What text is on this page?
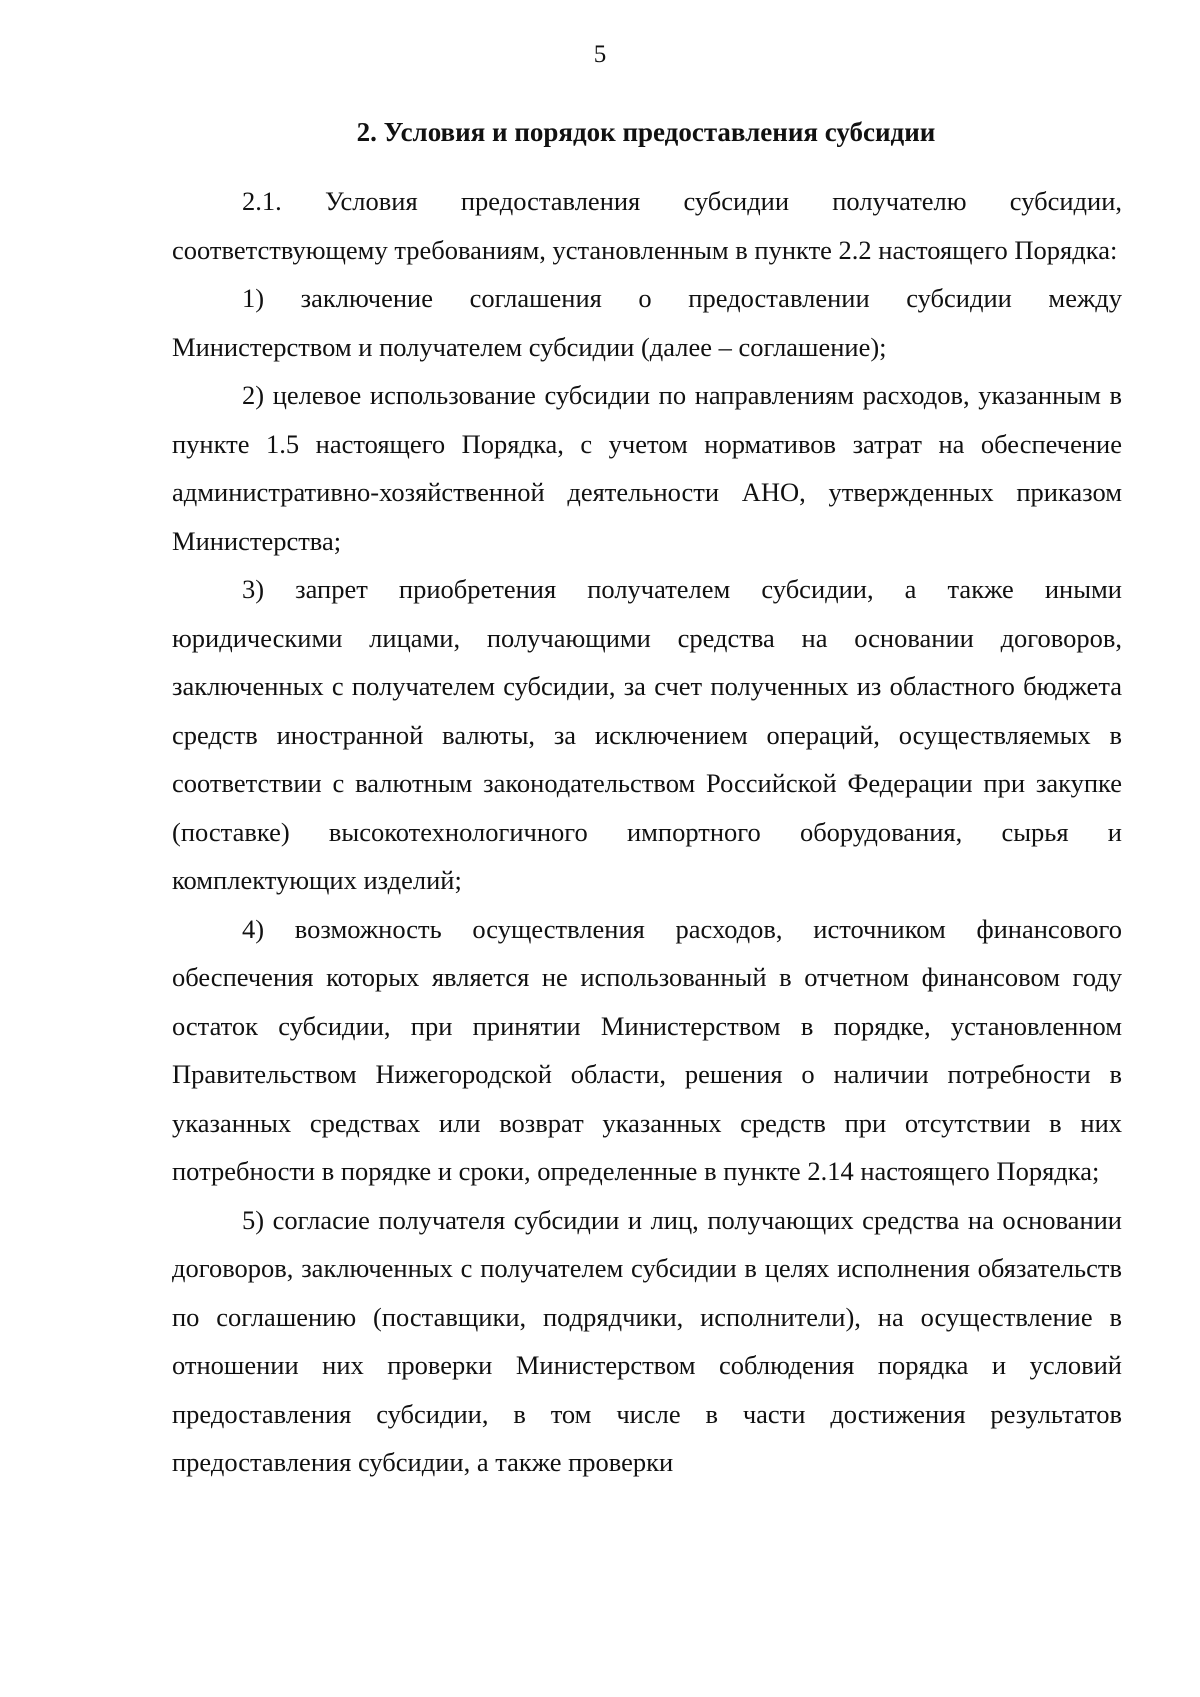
5
2. Условия и порядок предоставления субсидии

2.1. Условия предоставления субсидии получателю субсидии, соответствующему требованиям, установленным в пункте 2.2 настоящего Порядка:

1) заключение соглашения о предоставлении субсидии между Министерством и получателем субсидии (далее – соглашение);

2) целевое использование субсидии по направлениям расходов, указанным в пункте 1.5 настоящего Порядка, с учетом нормативов затрат на обеспечение административно-хозяйственной деятельности АНО, утвержденных приказом Министерства;

3) запрет приобретения получателем субсидии, а также иными юридическими лицами, получающими средства на основании договоров, заключенных с получателем субсидии, за счет полученных из областного бюджета средств иностранной валюты, за исключением операций, осуществляемых в соответствии с валютным законодательством Российской Федерации при закупке (поставке) высокотехнологичного импортного оборудования, сырья и комплектующих изделий;

4) возможность осуществления расходов, источником финансового обеспечения которых является не использованный в отчетном финансовом году остаток субсидии, при принятии Министерством в порядке, установленном Правительством Нижегородской области, решения о наличии потребности в указанных средствах или возврат указанных средств при отсутствии в них потребности в порядке и сроки, определенные в пункте 2.14 настоящего Порядка;

5) согласие получателя субсидии и лиц, получающих средства на основании договоров, заключенных с получателем субсидии в целях исполнения обязательств по соглашению (поставщики, подрядчики, исполнители), на осуществление в отношении них проверки Министерством соблюдения порядка и условий предоставления субсидии, в том числе в части достижения результатов предоставления субсидии, а также проверки
